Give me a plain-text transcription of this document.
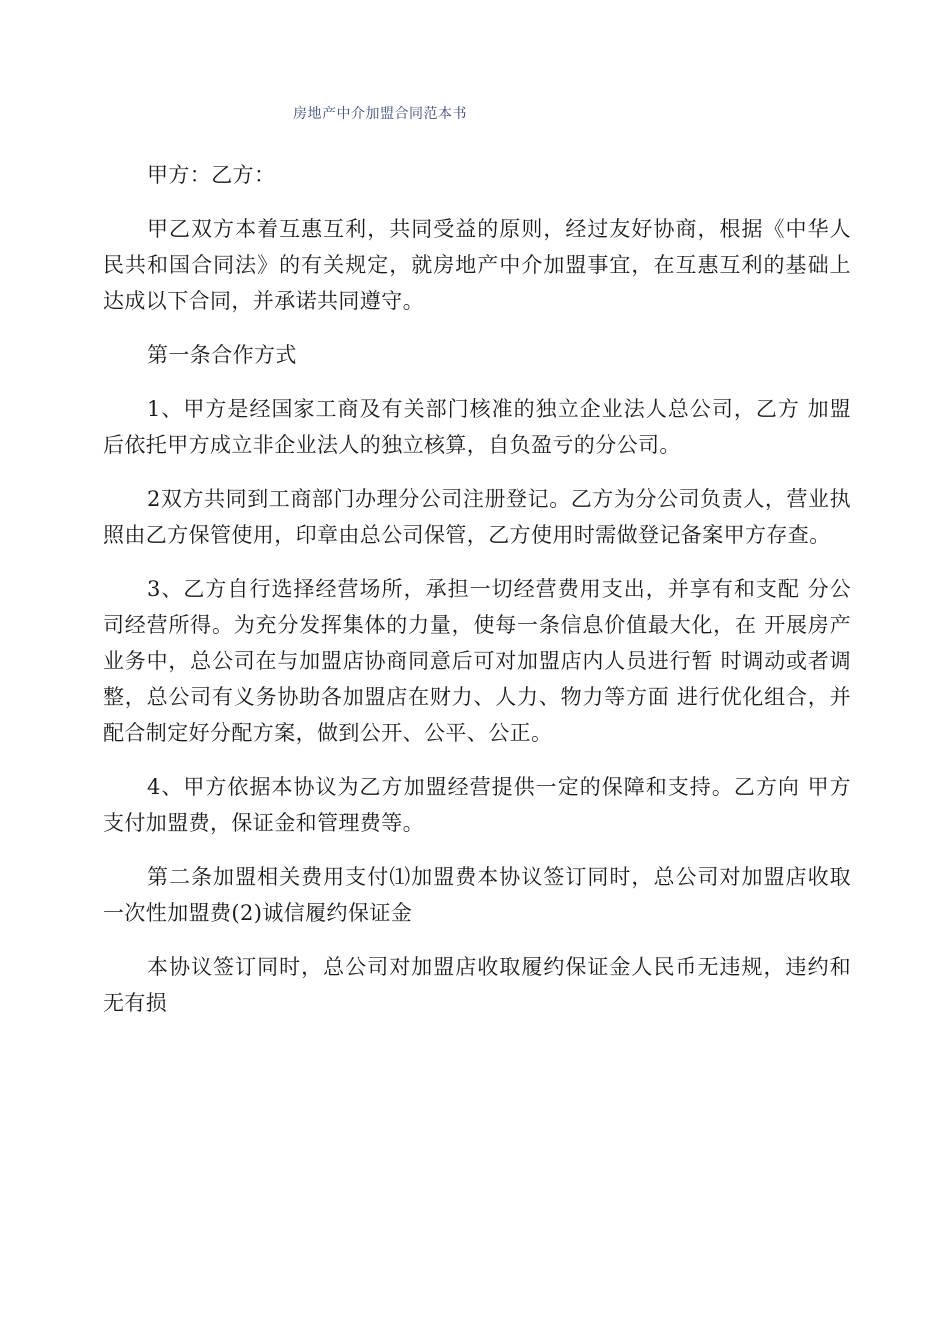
房地产中介加盟合同范本书

甲方：乙方：

甲乙双方本着互惠互利，共同受益的原则，经过友好协商，根据《中华人民共和国合同法》的有关规定，就房地产中介加盟事宜，在互惠互利的基础上达成以下合同，并承诺共同遵守。

第一条合作方式

1、甲方是经国家工商及有关部门核准的独立企业法人总公司，乙方 加盟后依托甲方成立非企业法人的独立核算，自负盈亏的分公司。

2双方共同到工商部门办理分公司注册登记。乙方为分公司负责人，营业执照由乙方保管使用，印章由总公司保管，乙方使用时需做登记备案甲方存查。

3、乙方自行选择经营场所，承担一切经营费用支出，并享有和支配 分公司经营所得。为充分发挥集体的力量，使每一条信息价值最大化，在 开展房产业务中，总公司在与加盟店协商同意后可对加盟店内人员进行暂 时调动或者调整，总公司有义务协助各加盟店在财力、人力、物力等方面 进行优化组合，并配合制定好分配方案，做到公开、公平、公正。

4、甲方依据本协议为乙方加盟经营提供一定的保障和支持。乙方向 甲方支付加盟费，保证金和管理费等。

第二条加盟相关费用支付⑴加盟费本协议签订同时，总公司对加盟店收取一次性加盟费(2)诚信履约保证金

本协议签订同时，总公司对加盟店收取履约保证金人民币无违规，违约和无有损
